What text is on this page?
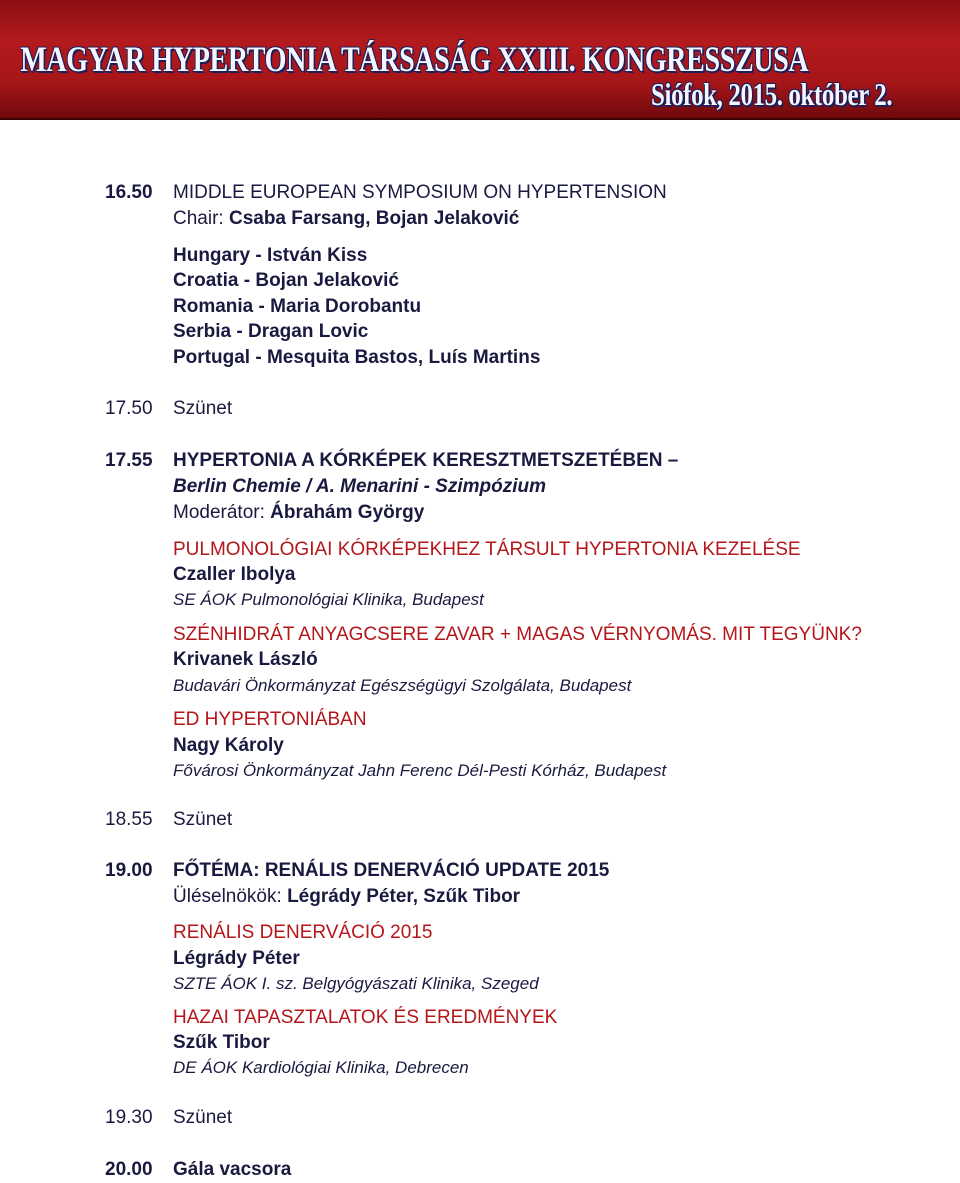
MAGYAR HYPERTONIA TÁRSASÁG XXIII. KONGRESSZUSA
Siófok, 2015. október 2.
16.50 MIDDLE EUROPEAN SYMPOSIUM ON HYPERTENSION
Chair: Csaba Farsang, Bojan Jelaković
Hungary - István Kiss
Croatia - Bojan Jelaković
Romania - Maria Dorobantu
Serbia - Dragan Lovic
Portugal - Mesquita Bastos, Luís Martins
17.50 Szünet
17.55 HYPERTONIA A KÓRKÉPEK KERESZTMETSZETÉBEN –
Berlin Chemie / A. Menarini - Szimpózium
Moderátor: Ábrahám György
PULMONOLÓGIAI KÓRKÉPEKHEZ TÁRSULT HYPERTONIA KEZELÉSE
Czaller Ibolya
SE ÁOK Pulmonológiai Klinika, Budapest
SZÉNHIDRÁT ANYAGCSERE ZAVAR + MAGAS VÉRNYOMÁS. MIT TEGYÜNK?
Krivanek László
Budavári Önkormányzat Egészségügyi Szolgálata, Budapest
ED HYPERTONIÁBAN
Nagy Károly
Fővárosi Önkormányzat Jahn Ferenc Dél-Pesti Kórház, Budapest
18.55 Szünet
19.00 FŐTÉMA: RENÁLIS DENERVÁCIÓ UPDATE 2015
Üléselnökök: Légrády Péter, Szűk Tibor
RENÁLIS DENERVÁCIÓ 2015
Légrády Péter
SZTE ÁOK I. sz. Belgyógyászati Klinika, Szeged
HAZAI TAPASZTALATOK ÉS EREDMÉNYEK
Szűk Tibor
DE ÁOK Kardiológiai Klinika, Debrecen
19.30 Szünet
20.00 Gála vacsora
